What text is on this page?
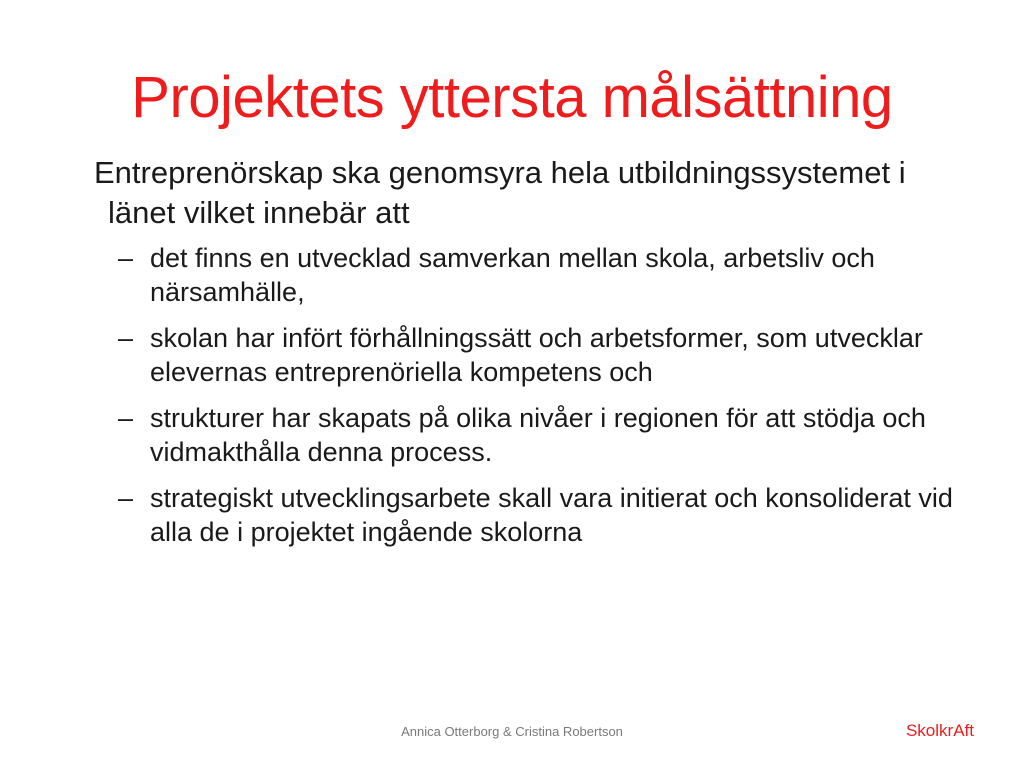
Projektets yttersta målsättning

Entreprenörskap ska genomsyra hela utbildningssystemet i länet vilket innebär att

– det finns en utvecklad samverkan mellan skola, arbetsliv och närsamhälle,
– skolan har infört förhållningssätt och arbetsformer, som utvecklar elevernas entreprenöriella kompetens och
– strukturer har skapats på olika nivåer i regionen för att stödja och vidmakthålla denna process.
– strategiskt utvecklingsarbete skall vara initierat och konsoliderat vid alla de i projektet ingående skolorna
Annica Otterborg & Cristina Robertson	SkolkrAft
